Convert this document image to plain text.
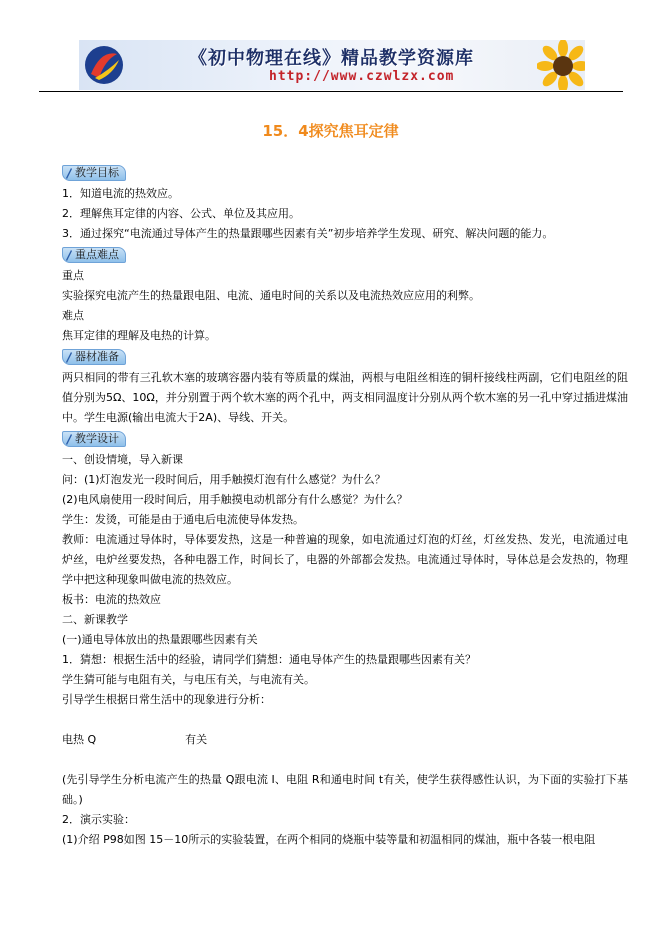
《初中物理在线》精品教学资源库
http://www.czwlzx.com
15．4探究焦耳定律
教学目标

1．知道电流的热效应。

2．理解焦耳定律的内容、公式、单位及其应用。

3．通过探究“电流通过导体产生的热量跟哪些因素有关”初步培养学生发现、研究、解决问题的能力。

重点难点

重点

实验探究电流产生的热量跟电阻、电流、通电时间的关系以及电流热效应应用的利弊。

难点

焦耳定律的理解及电热的计算。

器材准备

两只相同的带有三孔软木塞的玻璃容器内装有等质量的煤油，两根与电阻丝相连的铜杆接线柱两副，它们电阻丝的阻值分别为5Ω、10Ω，并分别置于两个软木塞的两个孔中，两支相同温度计分别从两个软木塞的另一孔中穿过插进煤油中。学生电源(输出电流大于2A)、导线、开关。

教学设计

一、创设情境，导入新课

问：(1)灯泡发光一段时间后，用手触摸灯泡有什么感觉？为什么？

(2)电风扇使用一段时间后，用手触摸电动机部分有什么感觉？为什么？

学生：发烫，可能是由于通电后电流使导体发热。

教师：电流通过导体时，导体要发热，这是一种普遍的现象，如电流通过灯泡的灯丝，灯丝发热、发光，电流通过电炉丝，电炉丝要发热，各种电器工作，时间长了，电器的外部都会发热。电流通过导体时，导体总是会发热的，物理学中把这种现象叫做电流的热效应。

板书：电流的热效应

二、新课教学

(一)通电导体放出的热量跟哪些因素有关

1．猜想：根据生活中的经验，请同学们猜想：通电导体产生的热量跟哪些因素有关？

学生猜可能与电阻有关，与电压有关，与电流有关。

引导学生根据日常生活中的现象进行分析：

电热 Q	有关

(先引导学生分析电流产生的热量 Q跟电流 I、电阻 R和通电时间 t有关，使学生获得感性认识，为下面的实验打下基础。)

2．演示实验：

(1)介绍 P98如图 15－10所示的实验装置，在两个相同的烧瓶中装等量和初温相同的煤油，瓶中各装一根电阻
